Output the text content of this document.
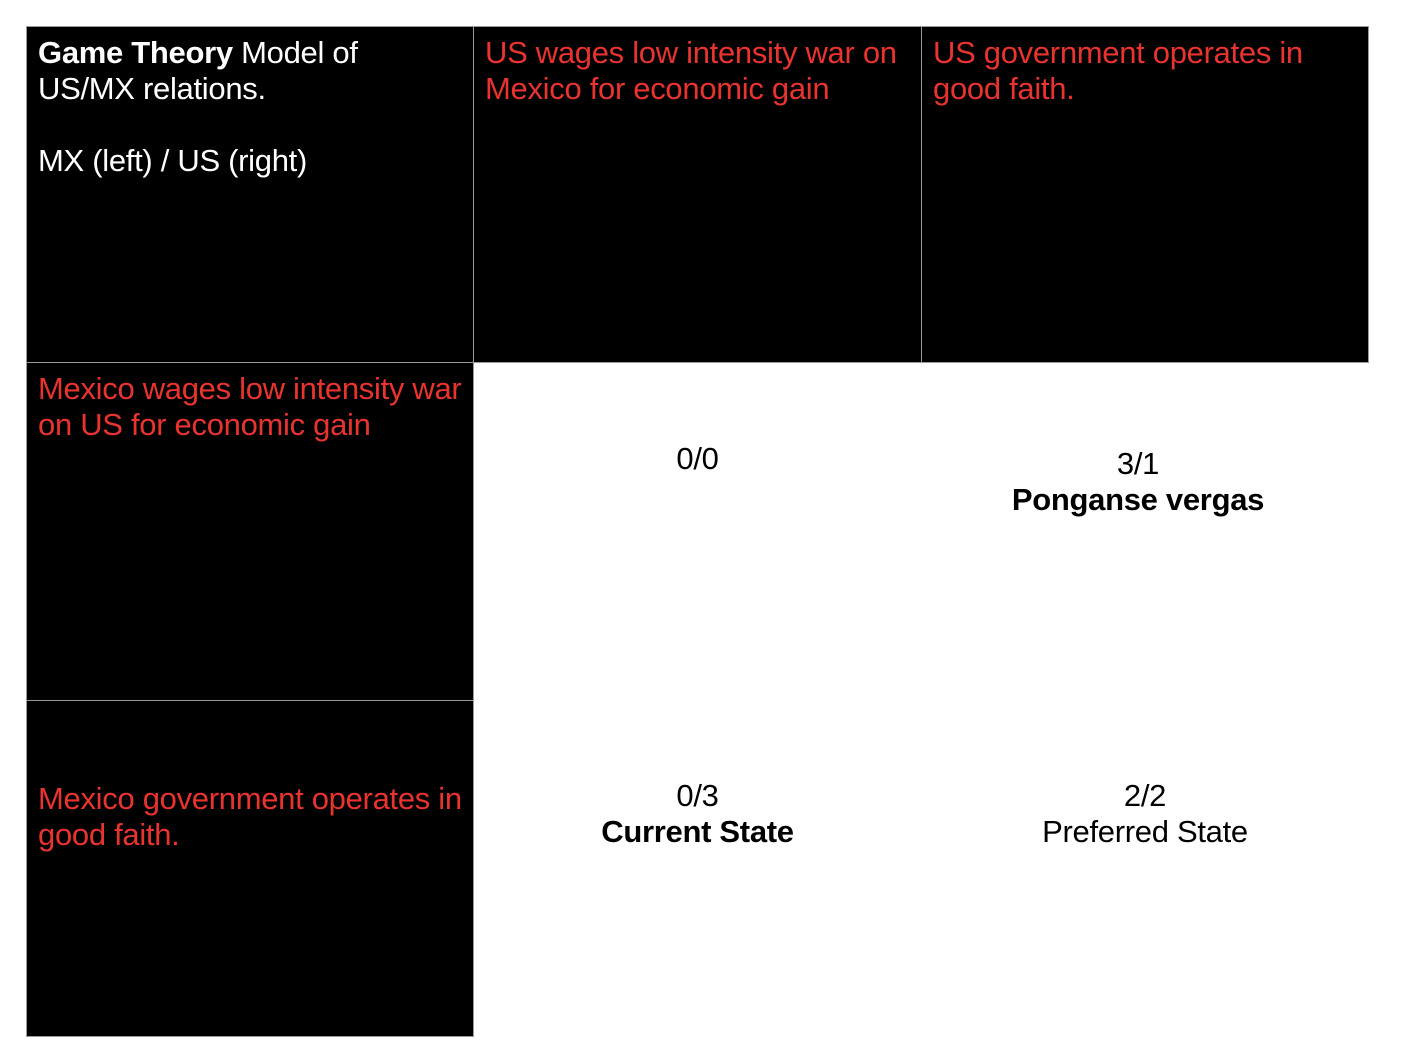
Game Theory Model of
US/MX relations.
MX (left) / US (right)
US wages low intensity war on Mexico for economic gain
US government operates in good faith.
Mexico wages low intensity war on US for economic gain
Mexico government operates in good faith.
0/0	3/1
Ponganse vergas
0/3
Current State
2/2
Preferred State
